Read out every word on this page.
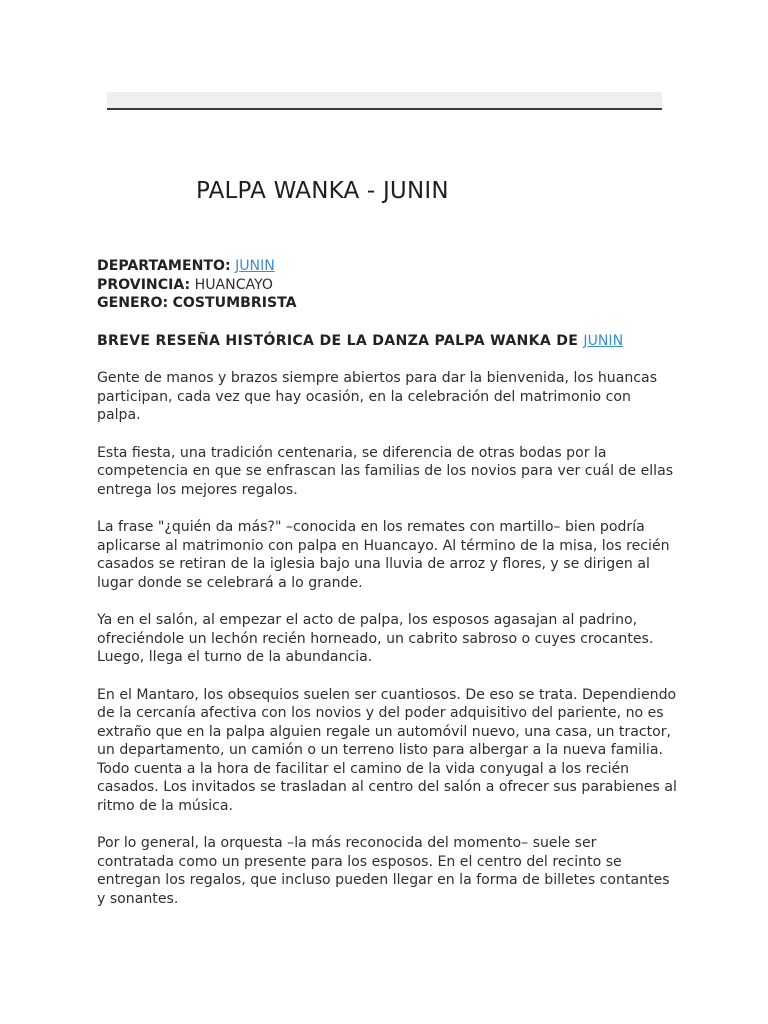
PALPA WANKA - JUNIN
DEPARTAMENTO: JUNIN
PROVINCIA: HUANCAYO
GENERO: COSTUMBRISTA
BREVE RESEÑA HISTÓRICA DE LA DANZA PALPA WANKA DE JUNIN

Gente de manos y brazos siempre abiertos para dar la bienvenida, los huancas participan, cada vez que hay ocasión, en la celebración del matrimonio con palpa.

Esta fiesta, una tradición centenaria, se diferencia de otras bodas por la competencia en que se enfrascan las familias de los novios para ver cuál de ellas entrega los mejores regalos.

La frase "¿quién da más?" –conocida en los remates con martillo– bien podría aplicarse al matrimonio con palpa en Huancayo. Al término de la misa, los recién casados se retiran de la iglesia bajo una lluvia de arroz y flores, y se dirigen al lugar donde se celebrará a lo grande.

Ya en el salón, al empezar el acto de palpa, los esposos agasajan al padrino, ofreciéndole un lechón recién horneado, un cabrito sabroso o cuyes crocantes. Luego, llega el turno de la abundancia.

En el Mantaro, los obsequios suelen ser cuantiosos. De eso se trata. Dependiendo de la cercanía afectiva con los novios y del poder adquisitivo del pariente, no es extraño que en la palpa alguien regale un automóvil nuevo, una casa, un tractor, un departamento, un camión o un terreno listo para albergar a la nueva familia. Todo cuenta a la hora de facilitar el camino de la vida conyugal a los recién casados. Los invitados se trasladan al centro del salón a ofrecer sus parabienes al ritmo de la música.

Por lo general, la orquesta –la más reconocida del momento– suele ser contratada como un presente para los esposos. En el centro del recinto se entregan los regalos, que incluso pueden llegar en la forma de billetes contantes y sonantes.
